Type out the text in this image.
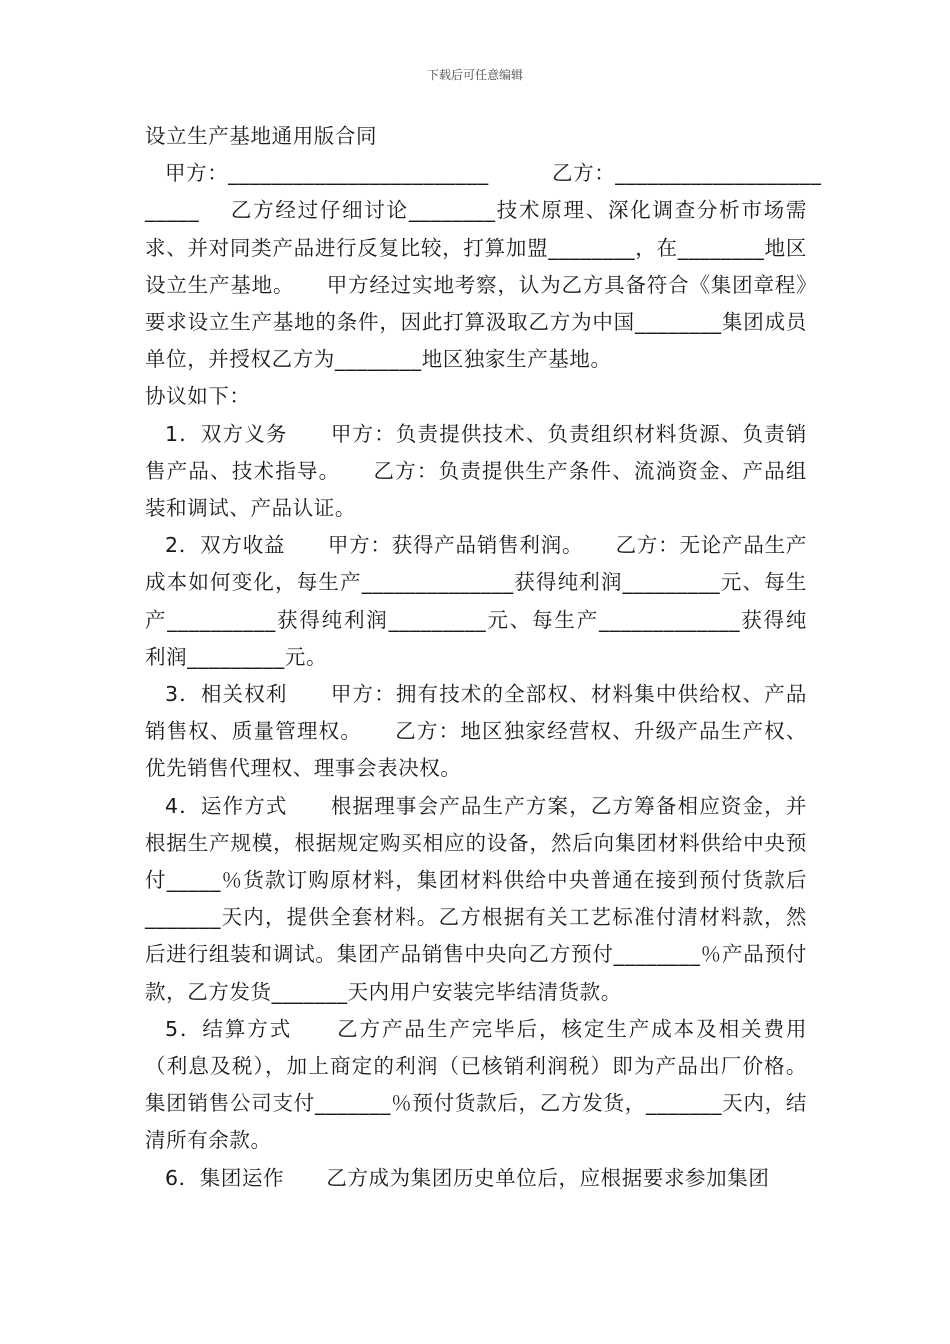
下载后可任意编辑

设立生产基地通用版合同

甲方：________________________　　　乙方：___________________

_____　 乙方经过仔细讨论________技术原理、深化调查分析市场需求、并对同类产品进行反复比较，打算加盟________，在________地区设立生产基地。　　甲方经过实地考察，认为乙方具备符合《集团章程》要求设立生产基地的条件，因此打算汲取乙方为中国________集团成员单位，并授权乙方为________地区独家生产基地。

协议如下：

1．双方义务　　甲方：负责提供技术、负责组织材料货源、负责销售产品、技术指导。　　乙方：负责提供生产条件、流淌资金、产品组装和调试、产品认证。

2．双方收益　　甲方：获得产品销售利润。　　乙方：无论产品生产成本如何变化，每生产______________获得纯利润_________元、每生产__________获得纯利润_________元、每生产_____________获得纯利润_________元。

3．相关权利　　甲方：拥有技术的全部权、材料集中供给权、产品销售权、质量管理权。　　乙方：地区独家经营权、升级产品生产权、优先销售代理权、理事会表决权。

4．运作方式　　根据理事会产品生产方案，乙方筹备相应资金，并根据生产规模，根据规定购买相应的设备，然后向集团材料供给中央预付_____％货款订购原材料，集团材料供给中央普通在接到预付货款后_______天内，提供全套材料。乙方根据有关工艺标准付清材料款，然后进行组装和调试。集团产品销售中央向乙方预付________％产品预付款，乙方发货_______天内用户安装完毕结清货款。

5．结算方式　　乙方产品生产完毕后，核定生产成本及相关费用（利息及税），加上商定的利润（已核销利润税）即为产品出厂价格。集团销售公司支付_______％预付货款后，乙方发货，_______天内，结清所有余款。

6．集团运作　　乙方成为集团历史单位后，应根据要求参加集团
